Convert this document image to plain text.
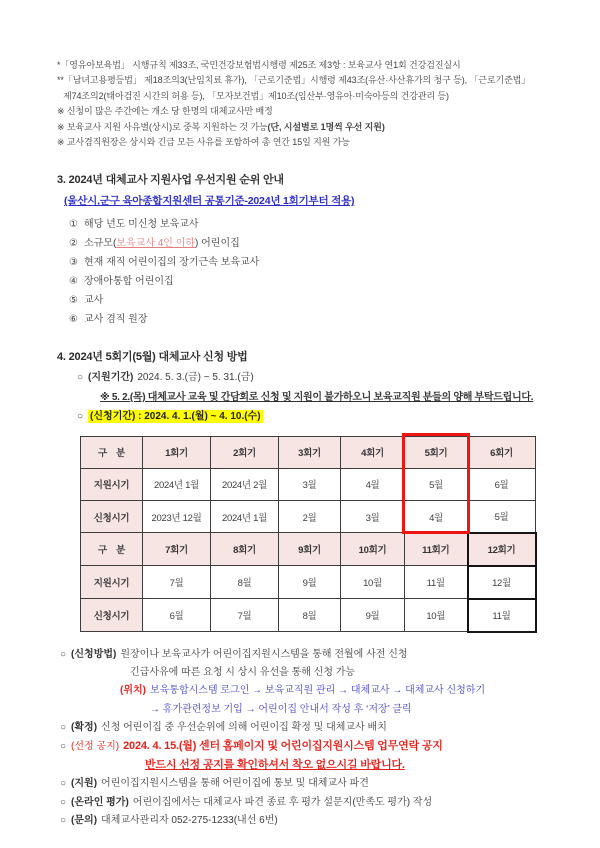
*「영유아보육법」 시행규칙 제33조, 국민건강보험법시행령 제25조 제3항 : 보육교사 연1회 건강검진실시
**「남녀고용평등법」 제18조의3(난임치료 휴가), 「근로기준법」시행령 제43조(유산·사산휴가의 청구 등), 「근로기준법」
제74조의2(태아검진 시간의 허용 등), 「모자보건법」제10조(임산부·영유아·미숙아등의 건강관리 등)
※ 신청이 많은 주간에는 개소 당 한명의 대체교사만 배정
※ 보육교사 지원 사유별(상시)로 중복 지원하는 것 가능(단, 시설별로 1명씩 우선 지원)
※ 교사겸직원장은 상시와 긴급 모든 사유를 포함하여 총 연간 15일 지원 가능
3. 2024년 대체교사 지원사업 우선지원 순위 안내
(울산시,군구 육아종합지원센터 공통기준-2024년 1회기부터 적용)
① 해당 년도 미신청 보육교사
② 소규모(보육교사 4인 이하) 어린이집
③ 현재 재직 어린이집의 장기근속 보육교사
④ 장애아통합 어린이집
⑤ 교사
⑥ 교사 겸직 원장
4. 2024년 5회기(5월) 대체교사 신청 방법
○ (지원기간) 2024. 5. 3.(금) ~ 5. 31.(금)
※ 5. 2.(목) 대체교사 교육 및 간담회로 신청 및 지원이 불가하오니 보육교직원 분들의 양해 부탁드립니다.
○ (신청기간) : 2024. 4. 1.(월) ~ 4. 10.(수)
구    분	1회기	2회기	3회기	4회기	5회기	6회기
지원시기	2024년 1월	2024년 2월	3월	4월	5월	6월
신청시기	2023년 12월	2024년 1월	2월	3월	4월	5월
구    분	7회기	8회기	9회기	10회기	11회기	12회기
지원시기	7월	8월	9월	10월	11월	12월
신청시기	6월	7월	8월	9월	10월	11월
○ (신청방법) 원장이나 보육교사가 어린이집지원시스템을 통해 전월에 사전 신청
긴급사유에 따른 요청 시 상시 유선을 통해 신청 가능
(위치) 보육통합시스템 로그인 → 보육교직원 관리 → 대체교사 → 대체교사 신청하기
→ 휴가관련정보 기입 → 어린이집 안내서 작성 후 ‘저장’ 클릭
○ (확정) 신청 어린이집 중 우선순위에 의해 어린이집 확정 및 대체교사 배치
○ (선정 공지) 2024. 4. 15.(월) 센터 홈페이지 및 어린이집지원시스템 업무연락 공지
반드시 선정 공지를 확인하셔서 착오 없으시길 바랍니다.
○ (지원) 어린이집지원시스템을 통해 어린이집에 통보 및 대체교사 파견
○ (온라인 평가) 어린이집에서는 대체교사 파견 종료 후 평가 설문지(만족도 평가) 작성
○ (문의) 대체교사관리자 052-275-1233(내선 6번)
